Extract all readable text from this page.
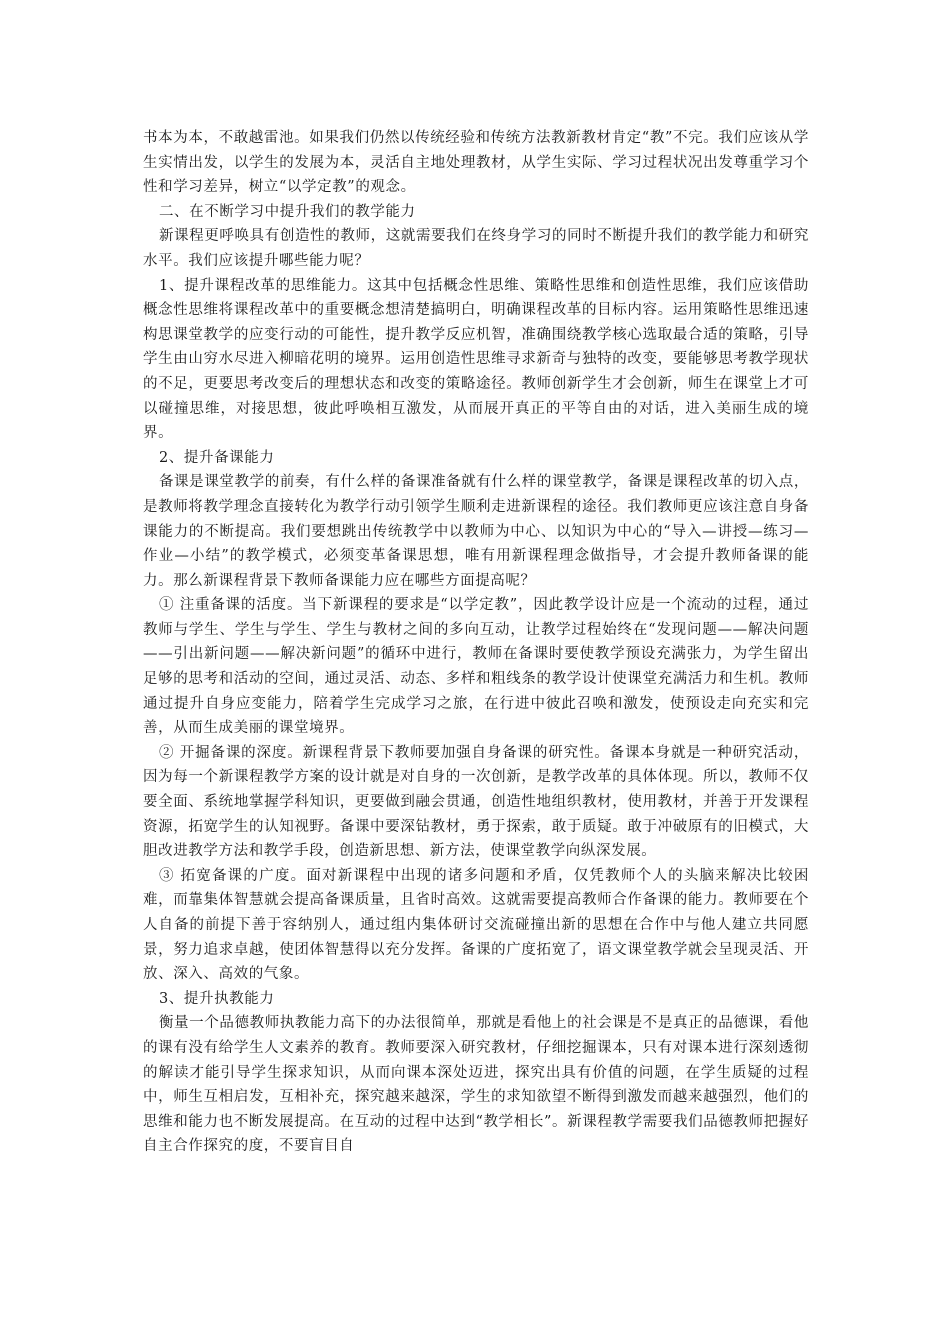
书本为本，不敢越雷池。如果我们仍然以传统经验和传统方法教新教材肯定“教”不完。我们应该从学生实情出发，以学生的发展为本，灵活自主地处理教材，从学生实际、学习过程状况出发尊重学习个性和学习差异，树立“以学定教”的观念。

二、在不断学习中提升我们的教学能力

新课程更呼唤具有创造性的教师，这就需要我们在终身学习的同时不断提升我们的教学能力和研究水平。我们应该提升哪些能力呢？

1、提升课程改革的思维能力。这其中包括概念性思维、策略性思维和创造性思维，我们应该借助概念性思维将课程改革中的重要概念想清楚搞明白，明确课程改革的目标内容。运用策略性思维迅速构思课堂教学的应变行动的可能性，提升教学反应机智，准确围绕教学核心选取最合适的策略，引导学生由山穷水尽进入柳暗花明的境界。运用创造性思维寻求新奇与独特的改变，要能够思考教学现状的不足，更要思考改变后的理想状态和改变的策略途径。教师创新学生才会创新，师生在课堂上才可以碰撞思维，对接思想，彼此呼唤相互激发，从而展开真正的平等自由的对话，进入美丽生成的境界。

2、提升备课能力

备课是课堂教学的前奏，有什么样的备课准备就有什么样的课堂教学，备课是课程改革的切入点，是教师将教学理念直接转化为教学行动引领学生顺利走进新课程的途径。我们教师更应该注意自身备课能力的不断提高。我们要想跳出传统教学中以教师为中心、以知识为中心的“导入—讲授—练习—作业—小结”的教学模式，必须变革备课思想，唯有用新课程理念做指导，才会提升教师备课的能力。那么新课程背景下教师备课能力应在哪些方面提高呢？

① 注重备课的活度。当下新课程的要求是“以学定教”，因此教学设计应是一个流动的过程，通过教师与学生、学生与学生、学生与教材之间的多向互动，让教学过程始终在“发现问题——解决问题——引出新问题——解决新问题”的循环中进行，教师在备课时要使教学预设充满张力，为学生留出足够的思考和活动的空间，通过灵活、动态、多样和粗线条的教学设计使课堂充满活力和生机。教师通过提升自身应变能力，陪着学生完成学习之旅，在行进中彼此召唤和激发，使预设走向充实和完善，从而生成美丽的课堂境界。

② 开掘备课的深度。新课程背景下教师要加强自身备课的研究性。备课本身就是一种研究活动，因为每一个新课程教学方案的设计就是对自身的一次创新，是教学改革的具体体现。所以，教师不仅要全面、系统地掌握学科知识，更要做到融会贯通，创造性地组织教材，使用教材，并善于开发课程资源，拓宽学生的认知视野。备课中要深钻教材，勇于探索，敢于质疑。敢于冲破原有的旧模式，大胆改进教学方法和教学手段，创造新思想、新方法，使课堂教学向纵深发展。

③ 拓宽备课的广度。面对新课程中出现的诸多问题和矛盾，仅凭教师个人的头脑来解决比较困难，而靠集体智慧就会提高备课质量，且省时高效。这就需要提高教师合作备课的能力。教师要在个人自备的前提下善于容纳别人，通过组内集体研讨交流碰撞出新的思想在合作中与他人建立共同愿景，努力追求卓越，使团体智慧得以充分发挥。备课的广度拓宽了，语文课堂教学就会呈现灵活、开放、深入、高效的气象。

3、提升执教能力

衡量一个品德教师执教能力高下的办法很简单，那就是看他上的社会课是不是真正的品德课，看他的课有没有给学生人文素养的教育。教师要深入研究教材，仔细挖掘课本，只有对课本进行深刻透彻的解读才能引导学生探求知识，从而向课本深处迈进，探究出具有价值的问题，在学生质疑的过程中，师生互相启发，互相补充，探究越来越深，学生的求知欲望不断得到激发而越来越强烈，他们的思维和能力也不断发展提高。在互动的过程中达到“教学相长”。新课程教学需要我们品德教师把握好自主合作探究的度，不要盲目自
